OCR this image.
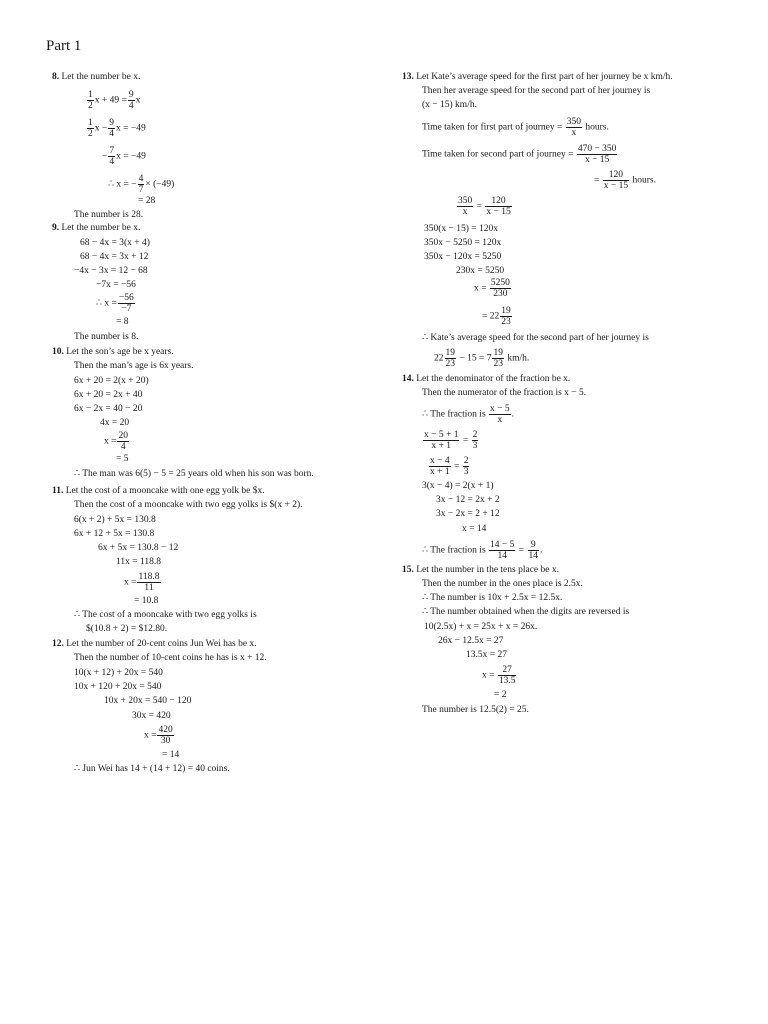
Part 1
8. Let the number be x.
$\frac{1}{2}$ $x + 49 = \frac{9}{4}$ x
$\frac{1}{2}$ $x - \frac{9}{4}$ x = −49
− $\frac{7}{4}$ x = −49
∴ x = − $\frac{4}{7} \times (-49)$
= 28
The number is 28.
9. Let the number be x.
68 − 4x = 3(x + 4)
68 − 4x = 3x + 12
−4x − 3x = 12 − 68
−7x = −56
∴ $x = \frac{-56}{-7}$
= 8
The number is 8.
10. Let the son’s age be x years.
Then the man’s age is 6x years.
6x + 20 = 2(x + 20)
6x + 20 = 2x + 40
6x − 2x = 40 − 20
4x = 20
$x = \frac{20}{4}$
= 5
∴ The man was 6(5) − 5 = 25 years old when his son was born.
11. Let the cost of a mooncake with one egg yolk be $x.
Then the cost of a mooncake with two egg yolks is $(x + 2).
6(x + 2) + 5x = 130.8
6x + 12 + 5x = 130.8
6x + 5x = 130.8 − 12
11x = 118.8
$x = \frac{118.8}{11}$
= 10.8
∴ The cost of a mooncake with two egg yolks is
$(10.8 + 2) = $12.80.
12. Let the number of 20-cent coins Jun Wei has be x.
Then the number of 10-cent coins he has is x + 12.
10(x + 12) + 20x = 540
10x + 120 + 20x = 540
10x + 20x = 540 − 120
30x = 420
$x = \frac{420}{30}$
= 14
∴ Jun Wei has 14 + (14 + 12) = 40 coins.
13. Let Kate’s average speed for the first part of her journey be x km/h.
Then her average speed for the second part of her journey is
(x − 15) km/h.
Time taken for first part of journey = $\frac{350}{x}$ hours.
Time taken for second part of journey = $\frac{470 - 350}{x - 15}$
= $\frac{120}{x - 15}$ hours.
$\frac{350}{x} = \frac{120}{x - 15}$
350(x − 15) = 120x
350x − 5250 = 120x
350x − 120x = 5250
230x = 5250
$x = \frac{5250}{230}$
= $22 \frac{19}{23}$
∴ Kate’s average speed for the second part of her journey is
$22 \frac{19}{23} - 15 = 7 \frac{19}{23} km/h$.
14. Let the denominator of the fraction be x.
Then the numerator of the fraction is x − 5.
∴ The fraction is $\frac{x - 5}{x}$ .
$\frac{x - 5 + 1}{x + 1} = \frac{2}{3}$
$\frac{x - 4}{x + 1} = \frac{2}{3}$
3(x − 4) = 2(x + 1)
3x − 12 = 2x + 2
3x − 2x = 2 + 12
x = 14
∴ The fraction is $\frac{14 - 5}{14} = \frac{9}{14}$ .
15. Let the number in the tens place be x.
Then the number in the ones place is 2.5x.
∴ The number is 10x + 2.5x = 12.5x.
∴ The number obtained when the digits are reversed is
10(2.5x) + x = 25x + x = 26x.
26x − 12.5x = 27
13.5x = 27
$x = \frac{27}{13.5}$
= 2
The number is 12.5(2) = 25.
